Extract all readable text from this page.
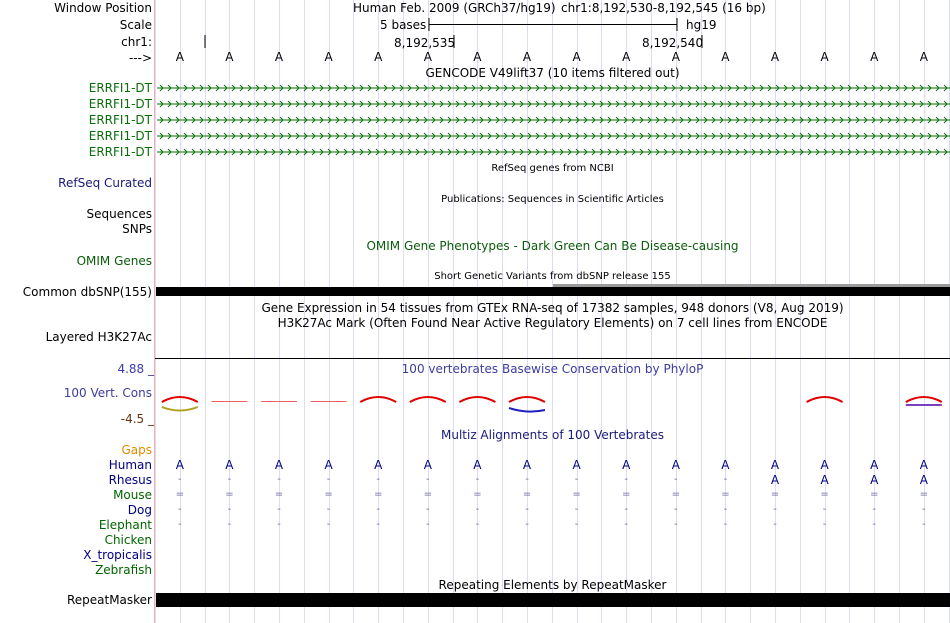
Window Position
Scale
chr1:
--->
Human Feb. 2009 (GRCh37/hg19) chr1:8,192,530-8,192,545 (16 bp)
5 bases	hg19
8,192,535	8,192,540
A	A	A	A	A	A	A	A	A	A	A	A	A	A	A	A
GENCODE V49lift37 (10 items filtered out)
ERRFI1-DT
ERRFI1-DT
ERRFI1-DT
ERRFI1-DT
ERRFI1-DT
RefSeq genes from NCBI
RefSeq Curated
Publications: Sequences in Scientific Articles
Sequences
SNPs
OMIM Gene Phenotypes - Dark Green Can Be Disease-causing
OMIM Genes
Short Genetic Variants from dbSNP release 155
Common dbSNP(155)
Gene Expression in 54 tissues from GTEx RNA-seq of 17382 samples, 948 donors (V8, Aug 2019)
H3K27Ac Mark (Often Found Near Active Regulatory Elements) on 7 cell lines from ENCODE
Layered H3K27Ac
100 vertebrates Basewise Conservation by PhyloP
4.88 _
100 Vert. Cons
-4.5 _
Multiz Alignments of 100 Vertebrates
Gaps
Human A	A	A	A	A	A	A	A	A	A	A	A	A	A	A	A
Rhesus	-	-	-	-	-	-	-	-	-	-	-	-	A	A	A	A
Mouse =	=	=	=	=	=	=	=	=	=	=	=	=	=	=	=
Dog	-	-	-	-	-	-	-	-	-	-	-	-	-	-	-	-
Elephant	-	-	-	-	-	-	-	-	-	-	-	-	-	-	-	-
Chicken
X_tropicalis
Zebrafish
Repeating Elements by RepeatMasker
RepeatMasker
